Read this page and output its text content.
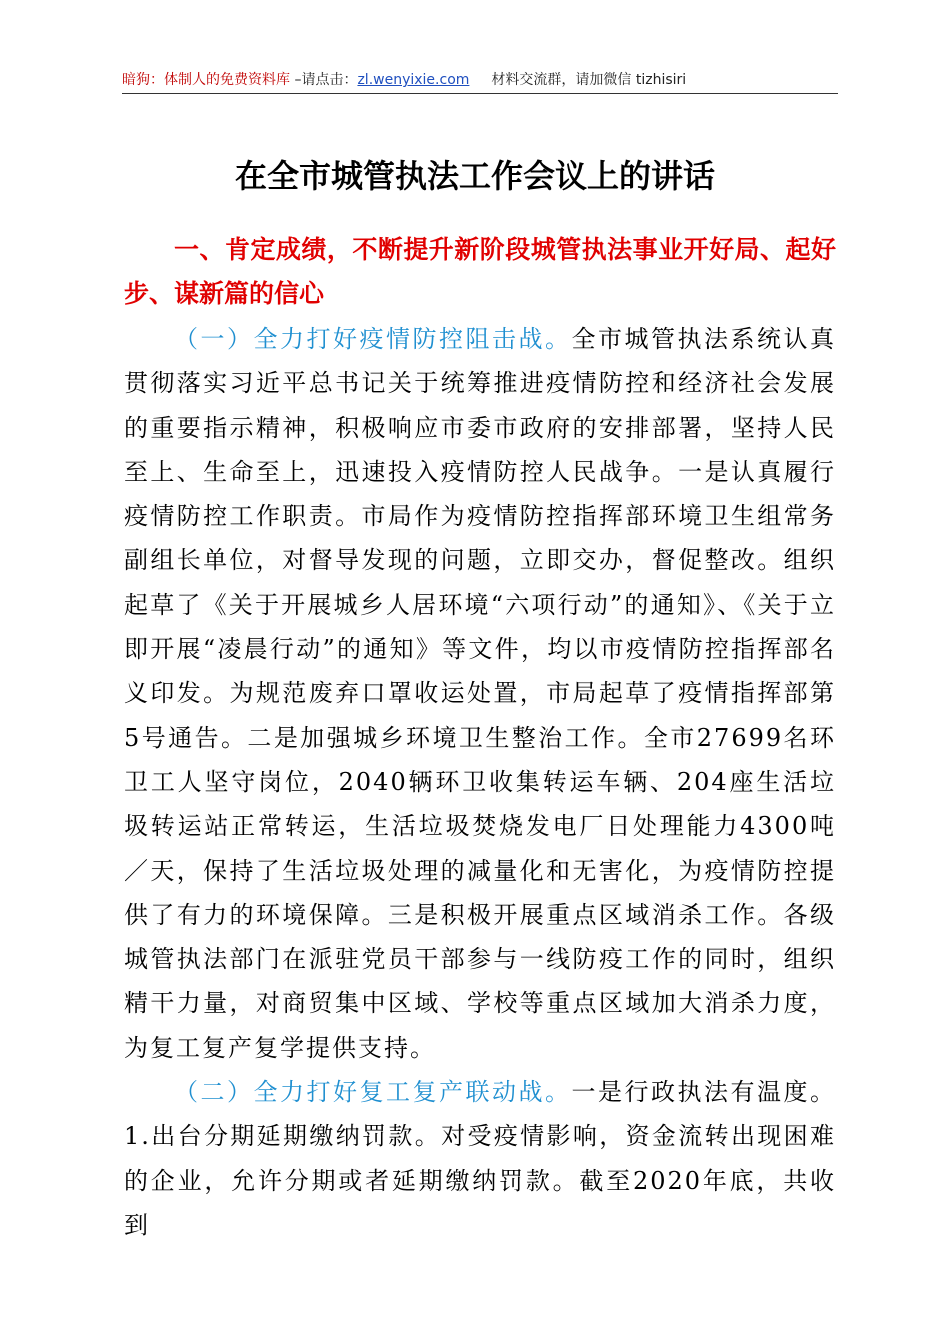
暗狗：体制人的免费资料库 –请点击：zl.wenyixie.com 材料交流群，请加微信 tizhisiri
在全市城管执法工作会议上的讲话
一、肯定成绩，不断提升新阶段城管执法事业开好局、起好步、谋新篇的信心

（一）全力打好疫情防控阻击战。全市城管执法系统认真贯彻落实习近平总书记关于统筹推进疫情防控和经济社会发展的重要指示精神，积极响应市委市政府的安排部署，坚持人民至上、生命至上，迅速投入疫情防控人民战争。一是认真履行疫情防控工作职责。市局作为疫情防控指挥部环境卫生组常务副组长单位，对督导发现的问题，立即交办，督促整改。组织起草了《关于开展城乡人居环境“六项行动”的通知》、《关于立即开展“凌晨行动”的通知》等文件，均以市疫情防控指挥部名义印发。为规范废弃口罩收运处置，市局起草了疫情指挥部第5号通告。二是加强城乡环境卫生整治工作。全市27699名环卫工人坚守岗位，2040辆环卫收集转运车辆、204座生活垃圾转运站正常转运，生活垃圾焚烧发电厂日处理能力4300吨／天，保持了生活垃圾处理的减量化和无害化，为疫情防控提供了有力的环境保障。三是积极开展重点区域消杀工作。各级城管执法部门在派驻党员干部参与一线防疫工作的同时，组织精干力量，对商贸集中区域、学校等重点区域加大消杀力度，为复工复产复学提供支持。

（二）全力打好复工复产联动战。一是行政执法有温度。1.出台分期延期缴纳罚款。对受疫情影响，资金流转出现困难的企业，允许分期或者延期缴纳罚款。截至2020年底，共收到
